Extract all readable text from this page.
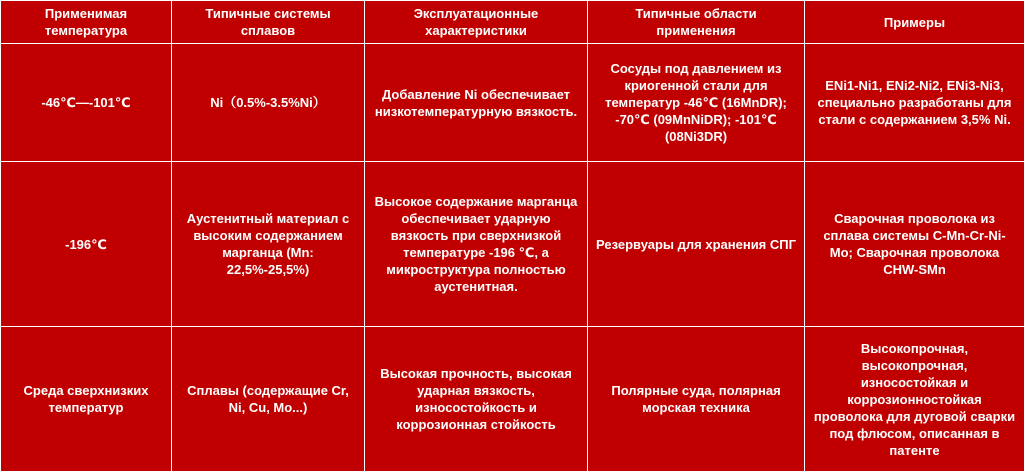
Применимая температура	Типичные системы сплавов	Эксплуатационные характеристики	Типичные области применения	Примеры
-46℃—-101℃	Ni（0.5%-3.5%Ni）	Добавление Ni обеспечивает низкотемпературную вязкость.	Сосуды под давлением из криогенной стали для температур -46℃ (16MnDR); -70℃ (09MnNiDR); -101℃ (08Ni3DR)	ENi1-Ni1, ENi2-Ni2, ENi3-Ni3, специально разработаны для стали с содержанием 3,5% Ni.
-196℃	Аустенитный материал с высоким содержанием марганца (Mn: 22,5%-25,5%)	Высокое содержание марганца обеспечивает ударную вязкость при сверхнизкой температуре -196 ℃, а микроструктура полностью аустенитная.	Резервуары для хранения СПГ	Сварочная проволока из сплава системы C-Mn-Cr-Ni-Mo; Сварочная проволока CHW-SMn
Среда сверхнизких температур	Сплавы (содержащие Cr, Ni, Cu, Mo...)	Высокая прочность, высокая ударная вязкость, износостойкость и коррозионная стойкость	Полярные суда, полярная морская техника	Высокопрочная, высокопрочная, износостойкая и коррозионностойкая проволока для дуговой сварки под флюсом, описанная в патенте
